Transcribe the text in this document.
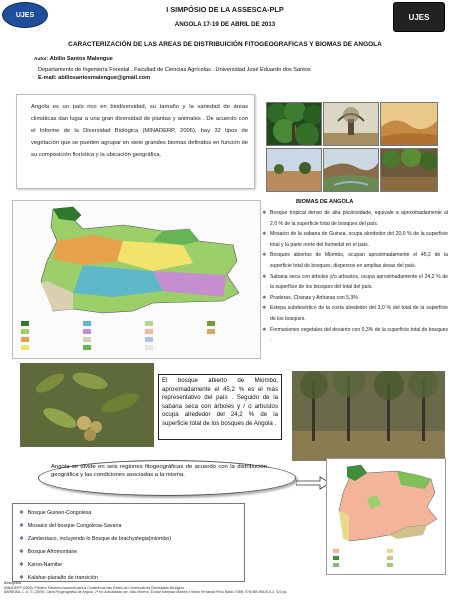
UJES	UJES
I SIMPÓSIO DE LA ASSESCA-PLP
ANGOLA 17-19 DE ABRIL DE 2013
CARACTERIZACIÓN DE LAS AREAS DE DISTRIBUICIÓN FITOGEOGRAFICAS Y BIOMAS DE ANGOLA
Autor: Abilio Santos Malengue
Departamento de Ingeniería Forestal . Facultad de Ciencias Agrícolas . Universidad José Eduardo dos Santos
E-mail: abiliosantosmalengue@gmail.com
Angola es un país rico en biodiversidad, su tamaño y la variedad de áreas climáticas dan lugar a una gran diversidad de plantas y animales . De acuerdo con el Informe de la Diversidad Biológica (MINADERP, 2006), hay 32 tipos de vegetación que se pueden agrupar en siete grandes biomas definidos en función de su composición florística y la ubicación geográfica.
BIOMAS DE ANGOLA
❖ Bosque tropical denso de alta pluviosidade, equivale a aproximadamente al 2,0 % de la superficie total de bosques del país.
❖ Mosaico de la sabana de Guinea, ocupa alrededor del 20,0 % de la superficie total y la parte norte del humedal en el país.
❖ Bosques abiertos de Miombo, ocupan aproximadamente el 45,2 de la superficie total de bosques, dispersos en amplias áreas del país.
❖ Sabana seca con árboles y/o arbustos, ocupa aproximadamente el 24,2 % de la superficie de los bosques del total del país.
❖ Praderas, Chanas y Anharas con 5,3% .
❖ Estepa subdesértico de la costa alrededor del 3,0 % del total de la superficie de los bosques.
❖ Formaciones vegetales del desierto con 0,3% de la superficie total de bosques .
El bosque abierto de Miombo, aproximadamente el 45,2 % es el más representativo del país . Seguido de la sabana seca con árboles y / o arbustos ocupa alrededor del 24,2 % de la superficie total de los bosques de Angola .
Angola se divide en seis regiones fitogeográficas de acuerdo con la distribución geográfica y las condiciones asociadas a la misma.
❖ Bosque Guineo-Congolesa
❖ Mosaico del bosque Congolesa-Savana
❖ Zambeziaco, incluyendo lo Bosque de brachystegia(miombo)
❖ Bosque Afromontane
❖ Karoo-Namibe
❖ Kalahar-planalto de transición
Bibliografia
MINADERP (2006). Primeiro Relatório Nacional para a Conferência das Partes da Convenção da Diversidade Biológica
BARBOSA, L. A. G. (2009). Carta Fitogeográfica de Angola. 2ª ed. Actualizada por: Isilio Moreno, Eunice Sampaio Martins e Maria Fernanda Pinto Basto. ISBN: 978-989-95425-9-4. 323 pp.
